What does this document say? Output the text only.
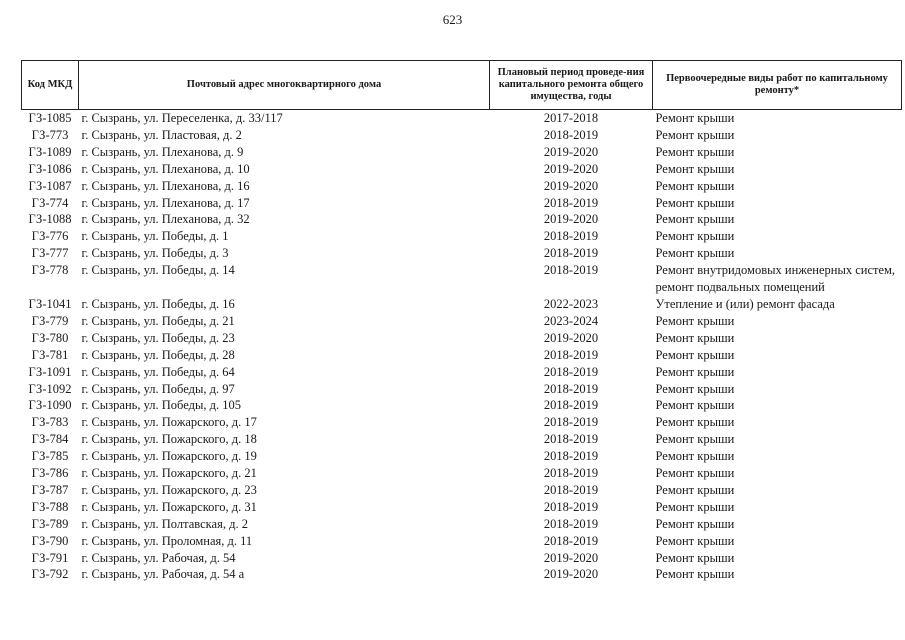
623
Код МКД	Почтовый адрес многоквартирного дома	Плановый период проведе-ния капитального ремонта общего имущества, годы	Первоочередные виды работ по капитальному ремонту*
ГЗ-1085	г. Сызрань, ул. Переселенка, д. 33/117	2017-2018	Ремонт крыши
ГЗ-773	г. Сызрань, ул. Пластовая, д. 2	2018-2019	Ремонт крыши
ГЗ-1089	г. Сызрань, ул. Плеханова, д. 9	2019-2020	Ремонт крыши
ГЗ-1086	г. Сызрань, ул. Плеханова, д. 10	2019-2020	Ремонт крыши
ГЗ-1087	г. Сызрань, ул. Плеханова, д. 16	2019-2020	Ремонт крыши
ГЗ-774	г. Сызрань, ул. Плеханова, д. 17	2018-2019	Ремонт крыши
ГЗ-1088	г. Сызрань, ул. Плеханова, д. 32	2019-2020	Ремонт крыши
ГЗ-776	г. Сызрань, ул. Победы, д. 1	2018-2019	Ремонт крыши
ГЗ-777	г. Сызрань, ул. Победы, д. 3	2018-2019	Ремонт крыши
ГЗ-778	г. Сызрань, ул. Победы, д. 14	2018-2019	Ремонт внутридомовых инженерных систем, ремонт подвальных помещений
ГЗ-1041	г. Сызрань, ул. Победы, д. 16	2022-2023	Утепление и (или) ремонт фасада
ГЗ-779	г. Сызрань, ул. Победы, д. 21	2023-2024	Ремонт крыши
ГЗ-780	г. Сызрань, ул. Победы, д. 23	2019-2020	Ремонт крыши
ГЗ-781	г. Сызрань, ул. Победы, д. 28	2018-2019	Ремонт крыши
ГЗ-1091	г. Сызрань, ул. Победы, д. 64	2018-2019	Ремонт крыши
ГЗ-1092	г. Сызрань, ул. Победы, д. 97	2018-2019	Ремонт крыши
ГЗ-1090	г. Сызрань, ул. Победы, д. 105	2018-2019	Ремонт крыши
ГЗ-783	г. Сызрань, ул. Пожарского, д. 17	2018-2019	Ремонт крыши
ГЗ-784	г. Сызрань, ул. Пожарского, д. 18	2018-2019	Ремонт крыши
ГЗ-785	г. Сызрань, ул. Пожарского, д. 19	2018-2019	Ремонт крыши
ГЗ-786	г. Сызрань, ул. Пожарского, д. 21	2018-2019	Ремонт крыши
ГЗ-787	г. Сызрань, ул. Пожарского, д. 23	2018-2019	Ремонт крыши
ГЗ-788	г. Сызрань, ул. Пожарского, д. 31	2018-2019	Ремонт крыши
ГЗ-789	г. Сызрань, ул. Полтавская, д. 2	2018-2019	Ремонт крыши
ГЗ-790	г. Сызрань, ул. Проломная, д. 11	2018-2019	Ремонт крыши
ГЗ-791	г. Сызрань, ул. Рабочая, д. 54	2019-2020	Ремонт крыши
ГЗ-792	г. Сызрань, ул. Рабочая, д. 54 а	2019-2020	Ремонт крыши
